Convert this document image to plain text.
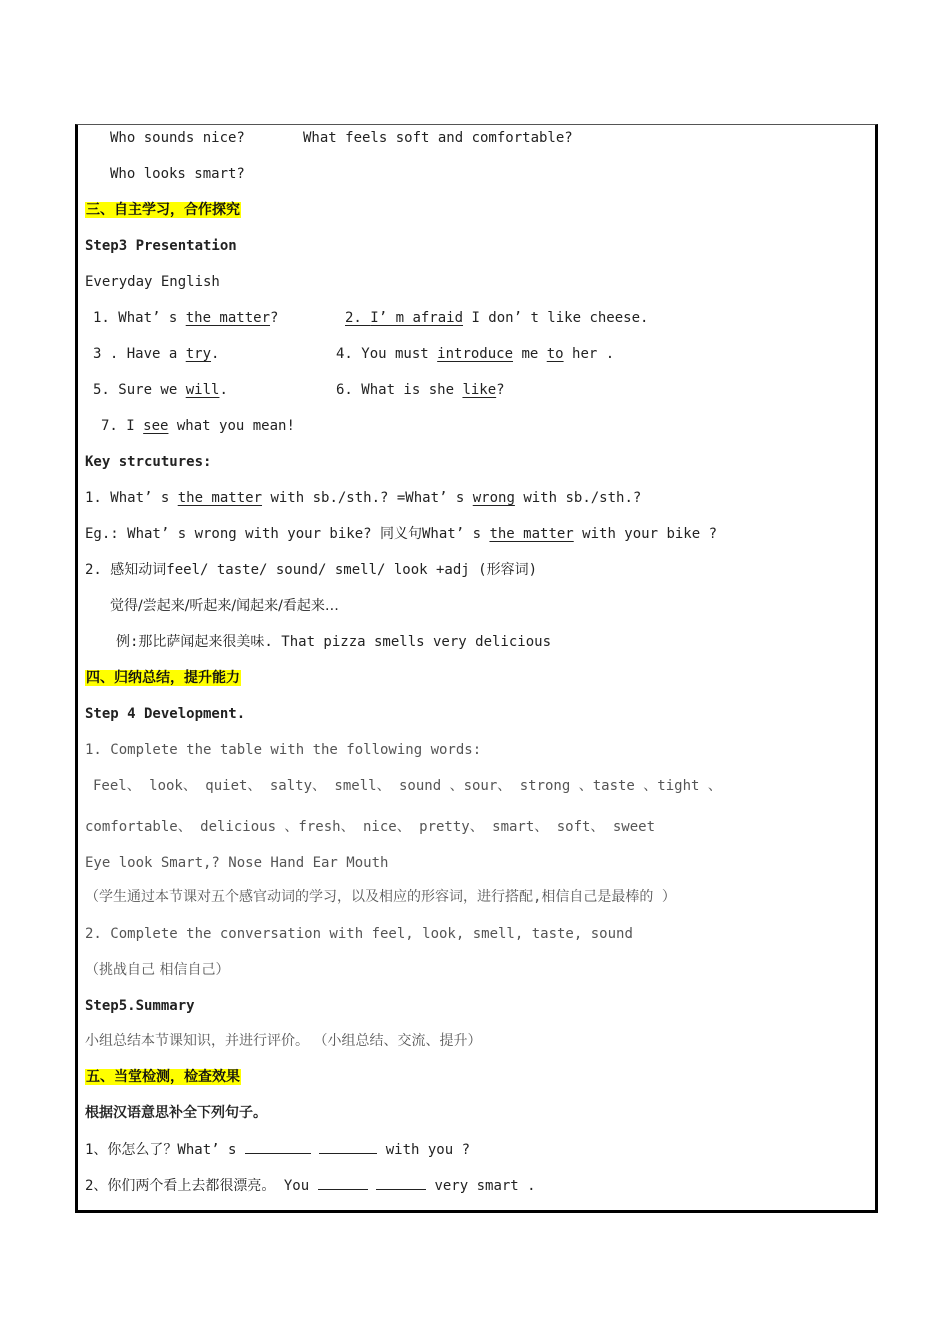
Who sounds nice?	What feels soft and comfortable?
Who looks smart?
三、自主学习，合作探究
Step3 Presentation
Everyday English
1. What’ s the matter?	2. I’ m afraid I don’ t like cheese.
3 . Have a try.	4. You must introduce me to her .
5. Sure we will.	6. What is she like?
7. I see what you mean!
Key strcutures:
1. What’ s the matter with sb./sth.? =What’ s wrong with sb./sth.?
Eg.: What’ s wrong with your bike? 同义句What’ s the matter with your bike ?
2. 感知动词feel/ taste/ sound/ smell/ look +adj (形容词)
觉得/尝起来/听起来/闻起来/看起来…
例:那比萨闻起来很美味. That pizza smells very delicious
四、归纳总结，提升能力
Step 4 Development.
1. Complete the table with the following words:
Feel、 look、 quiet、 salty、 smell、 sound 、sour、 strong 、taste 、tight 、
comfortable、 delicious 、fresh、 nice、 pretty、 smart、 soft、 sweet
Eye look Smart,? Nose Hand Ear Mouth
（学生通过本节课对五个感官动词的学习，以及相应的形容词，进行搭配,相信自己是最棒的 ）
2. Complete the conversation with feel, look, smell, taste, sound
（挑战自己 相信自己）
Step5.Summary
小组总结本节课知识，并进行评价。 （小组总结、交流、提升）
五、当堂检测，检查效果
根据汉语意思补全下列句子。
1、你怎么了？What’ s	with you ?
2、你们两个看上去都很漂亮。 You	very smart .
